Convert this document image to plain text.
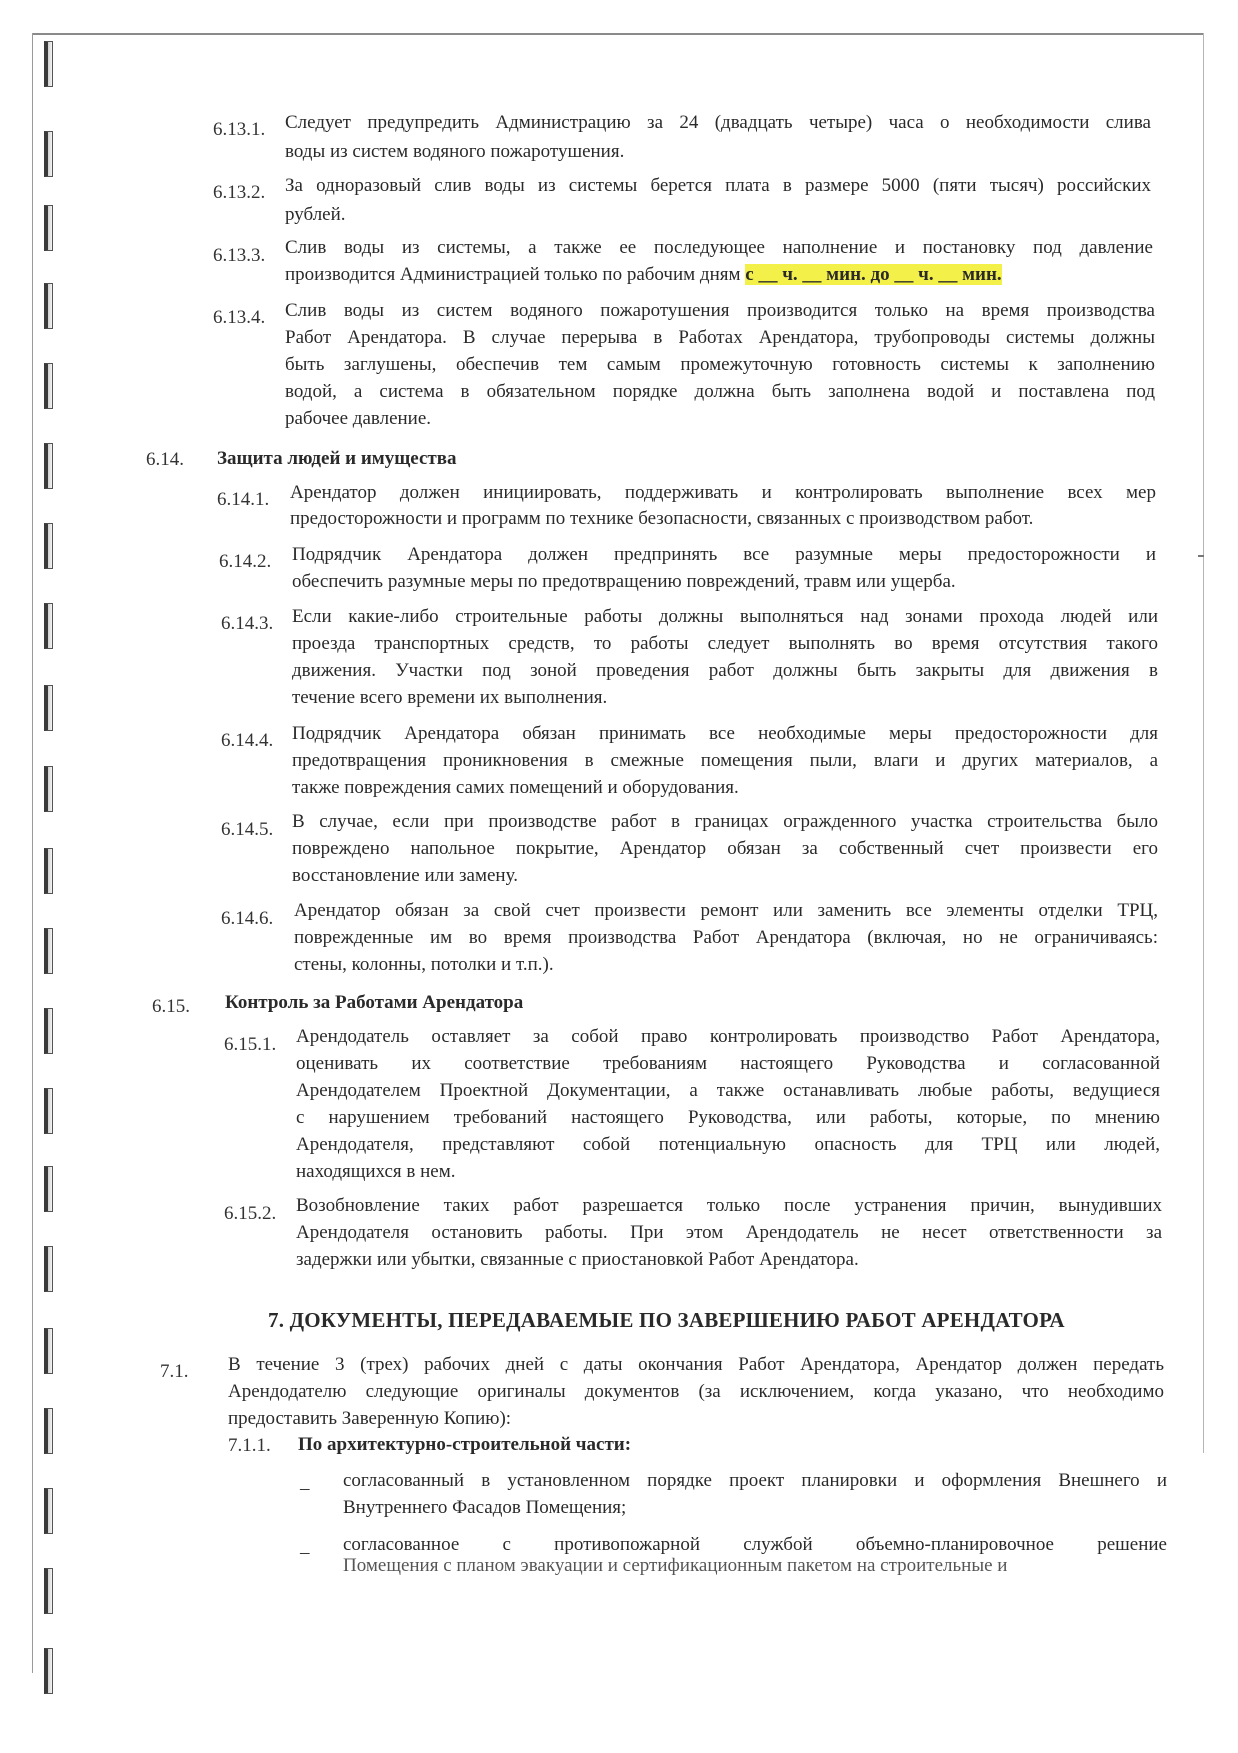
6.13.1. Следует предупредить Администрацию за 24 (двадцать четыре) часа о необходимости слива
воды из систем водяного пожаротушения.
6.13.2. За одноразовый слив воды из системы берется плата в размере 5000 (пяти тысяч) российских
рублей.
6.13.3. Слив воды из системы, а также ее последующее наполнение и постановку под давление
производится Администрацией только по рабочим дням с __ ч. __ мин. до __ ч. __ мин.
6.13.4. Слив воды из систем водяного пожаротушения производится только на время производства
Работ Арендатора. В случае перерыва в Работах Арендатора, трубопроводы системы должны
быть заглушены, обеспечив тем самым промежуточную готовность системы к заполнению
водой, а система в обязательном порядке должна быть заполнена водой и поставлена под
рабочее давление.
6.14. Защита людей и имущества
6.14.1. Арендатор должен инициировать, поддерживать и контролировать выполнение всех мер
предосторожности и программ по технике безопасности, связанных с производством работ.
6.14.2. Подрядчик Арендатора должен предпринять все разумные меры предосторожности и
обеспечить разумные меры по предотвращению повреждений, травм или ущерба.
6.14.3. Если какие-либо строительные работы должны выполняться над зонами прохода людей или
проезда транспортных средств, то работы следует выполнять во время отсутствия такого
движения. Участки под зоной проведения работ должны быть закрыты для движения в
течение всего времени их выполнения.
6.14.4. Подрядчик Арендатора обязан принимать все необходимые меры предосторожности для
предотвращения проникновения в смежные помещения пыли, влаги и других материалов, а
также повреждения самих помещений и оборудования.
6.14.5. В случае, если при производстве работ в границах огражденного участка строительства было
повреждено напольное покрытие, Арендатор обязан за собственный счет произвести его
восстановление или замену.
6.14.6. Арендатор обязан за свой счет произвести ремонт или заменить все элементы отделки ТРЦ,
поврежденные им во время производства Работ Арендатора (включая, но не ограничиваясь:
стены, колонны, потолки и т.п.).
6.15. Контроль за Работами Арендатора
6.15.1. Арендодатель оставляет за собой право контролировать производство Работ Арендатора,
оценивать их соответствие требованиям настоящего Руководства и согласованной
Арендодателем Проектной Документации, а также останавливать любые работы, ведущиеся
с нарушением требований настоящего Руководства, или работы, которые, по мнению
Арендодателя, представляют собой потенциальную опасность для ТРЦ или людей,
находящихся в нем.
6.15.2. Возобновление таких работ разрешается только после устранения причин, вынудивших
Арендодателя остановить работы. При этом Арендодатель не несет ответственности за
задержки или убытки, связанные с приостановкой Работ Арендатора.
7. ДОКУМЕНТЫ, ПЕРЕДАВАЕМЫЕ ПО ЗАВЕРШЕНИЮ РАБОТ АРЕНДАТОРА
7.1. В течение 3 (трех) рабочих дней с даты окончания Работ Арендатора, Арендатор должен передать
Арендодателю следующие оригиналы документов (за исключением, когда указано, что необходимо
предоставить Заверенную Копию):
7.1.1. По архитектурно-строительной части:
– согласованный в установленном порядке проект планировки и оформления Внешнего и
Внутреннего Фасадов Помещения;
– согласованное с противопожарной службой объемно-планировочное решение
Помещения с планом эвакуации и сертификационным пакетом на строительные и
